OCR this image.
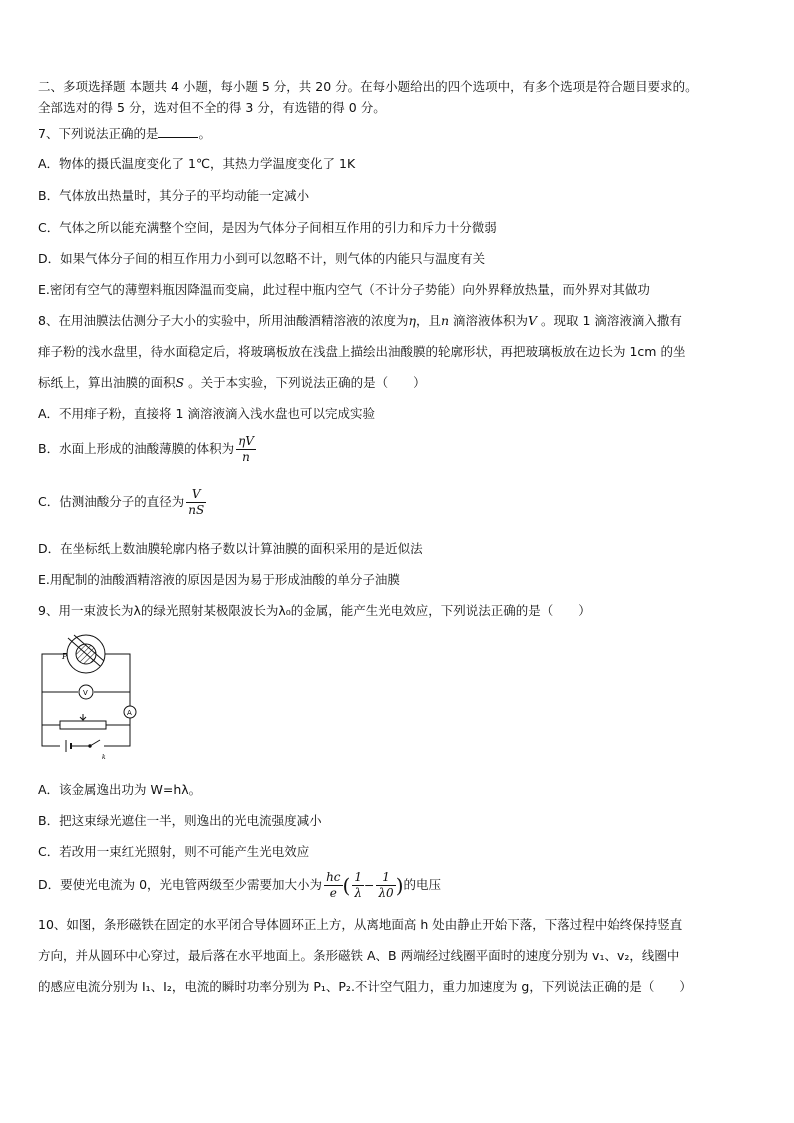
二、多项选择题 本题共 4 小题，每小题 5 分，共 20 分。在每小题给出的四个选项中，有多个选项是符合题目要求的。
全部选对的得 5 分，选对但不全的得 3 分，有选错的得 0 分。
7、下列说法正确的是	。
A．物体的摄氏温度变化了 1℃，其热力学温度变化了 1K
B．气体放出热量时，其分子的平均动能一定减小
C．气体之所以能充满整个空间，是因为气体分子间相互作用的引力和斥力十分微弱
D．如果气体分子间的相互作用力小到可以忽略不计，则气体的内能只与温度有关
E.密闭有空气的薄塑料瓶因降温而变扁，此过程中瓶内空气（不计分子势能）向外界释放热量，而外界对其做功
8、在用油膜法估测分子大小的实验中，所用油酸酒精溶液的浓度为η，且n 滴溶液体积为V 。现取 1 滴溶液滴入撒有
痱子粉的浅水盘里，待水面稳定后，将玻璃板放在浅盘上描绘出油酸膜的轮廓形状，再把玻璃板放在边长为 1cm 的坐
标纸上，算出油膜的面积S 。关于本实验，下列说法正确的是（　　）
A．不用痱子粉，直接将 1 滴溶液滴入浅水盘也可以完成实验
B．水面上形成的油酸薄膜的体积为 $\frac{\eta V}{n}$
C．估测油酸分子的直径为 $\frac{V}{nS}$
D．在坐标纸上数油膜轮廓内格子数以计算油膜的面积采用的是近似法
E.用配制的油酸酒精溶液的原因是因为易于形成油酸的单分子油膜
9、用一束波长为λ的绿光照射某极限波长为λ₀的金属，能产生光电效应，下列说法正确的是（　　）
P
V
A
k
A．该金属逸出功为 W=hλ。
B．把这束绿光遮住一半，则逸出的光电流强度减小
C．若改用一束红光照射，则不可能产生光电效应
D．要使光电流为 0，光电管两级至少需要加大小为 $\frac{hc}{e}$ ( $\frac{1}{\lambda} - \frac{1}{\lambda 0}$ )的电压
10、如图，条形磁铁在固定的水平闭合导体圆环正上方，从离地面高 h 处由静止开始下落，下落过程中始终保持竖直
方向，并从圆环中心穿过，最后落在水平地面上。条形磁铁 A、B 两端经过线圈平面时的速度分别为 v₁、v₂，线圈中
的感应电流分别为 I₁、I₂，电流的瞬时功率分别为 P₁、P₂.不计空气阻力，重力加速度为 g，下列说法正确的是（　　）
